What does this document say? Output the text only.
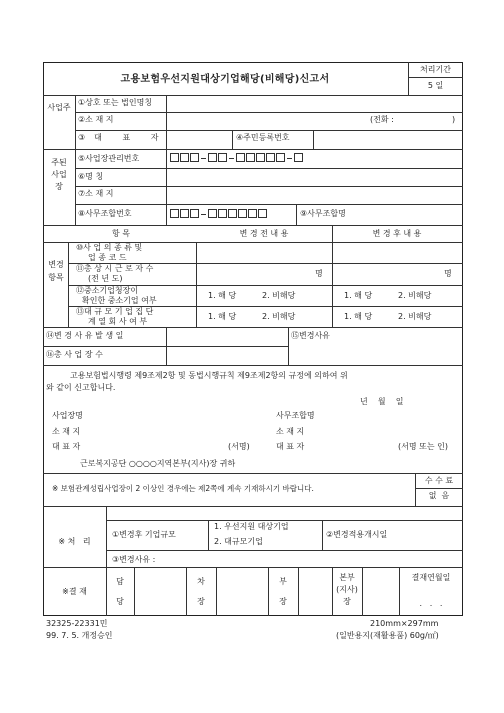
고용보험우선지원대상기업해당(비해당)신고서
처리기간
5 일
사업주
①상호 또는 법인명칭
②소 재 지	(전화 :	)
③대 표 자	④주민등록번호
주된사업장
⑤사업장관리번호
⑥명 칭
⑦소 재 지
⑧사무조합번호	⑨사무조합명
항 목	변 경 전 내 용	변 경 후 내 용
변경항목
⑩사 업 의 종 류 및
업 종 코 드
⑪총 상 시 근 로 자 수
(전 년 도)
명	명
⑫중소기업청장이
확인한 중소기업 여부
1. 해 당	2. 비해당	1. 해 당	2. 비해당
⑬대 규 모 기 업 집 단
계 열 회 사 여 부
1. 해 당	2. 비해당	1. 해 당	2. 비해당
⑭변 경 사 유 발 생 일	⑮변경사유
⑯총 사 업 장 수
고용보험법시행령 제9조제2항 및 동법시행규칙 제9조제2항의 규정에 의하여 위
와 같이 신고합니다.
년    월    일
사업장명
소 재 지
대 표 자	(서명)
사무조합명
소 재 지
대 표 자	(서명 또는 인)
근로복지공단 ○○○○지역본부(지사)장 귀하
※ 보험관계성립사업장이 2 이상인 경우에는 제2쪽에 계속 기재하시기 바랍니다.
수 수 료
없  음
※ 처   리
①변경후 기업규모
1. 우선지원 대상기업
2. 대규모기업
②변경적용개시일
③변경사유 :
※결 재
담
당
차
장
부
장
본부
(지사)
장
결재연월일
.   .   .
32325-22331민
99. 7. 5. 개정승인
210mm×297mm
(일반용지(재활용품) 60g/㎡)
